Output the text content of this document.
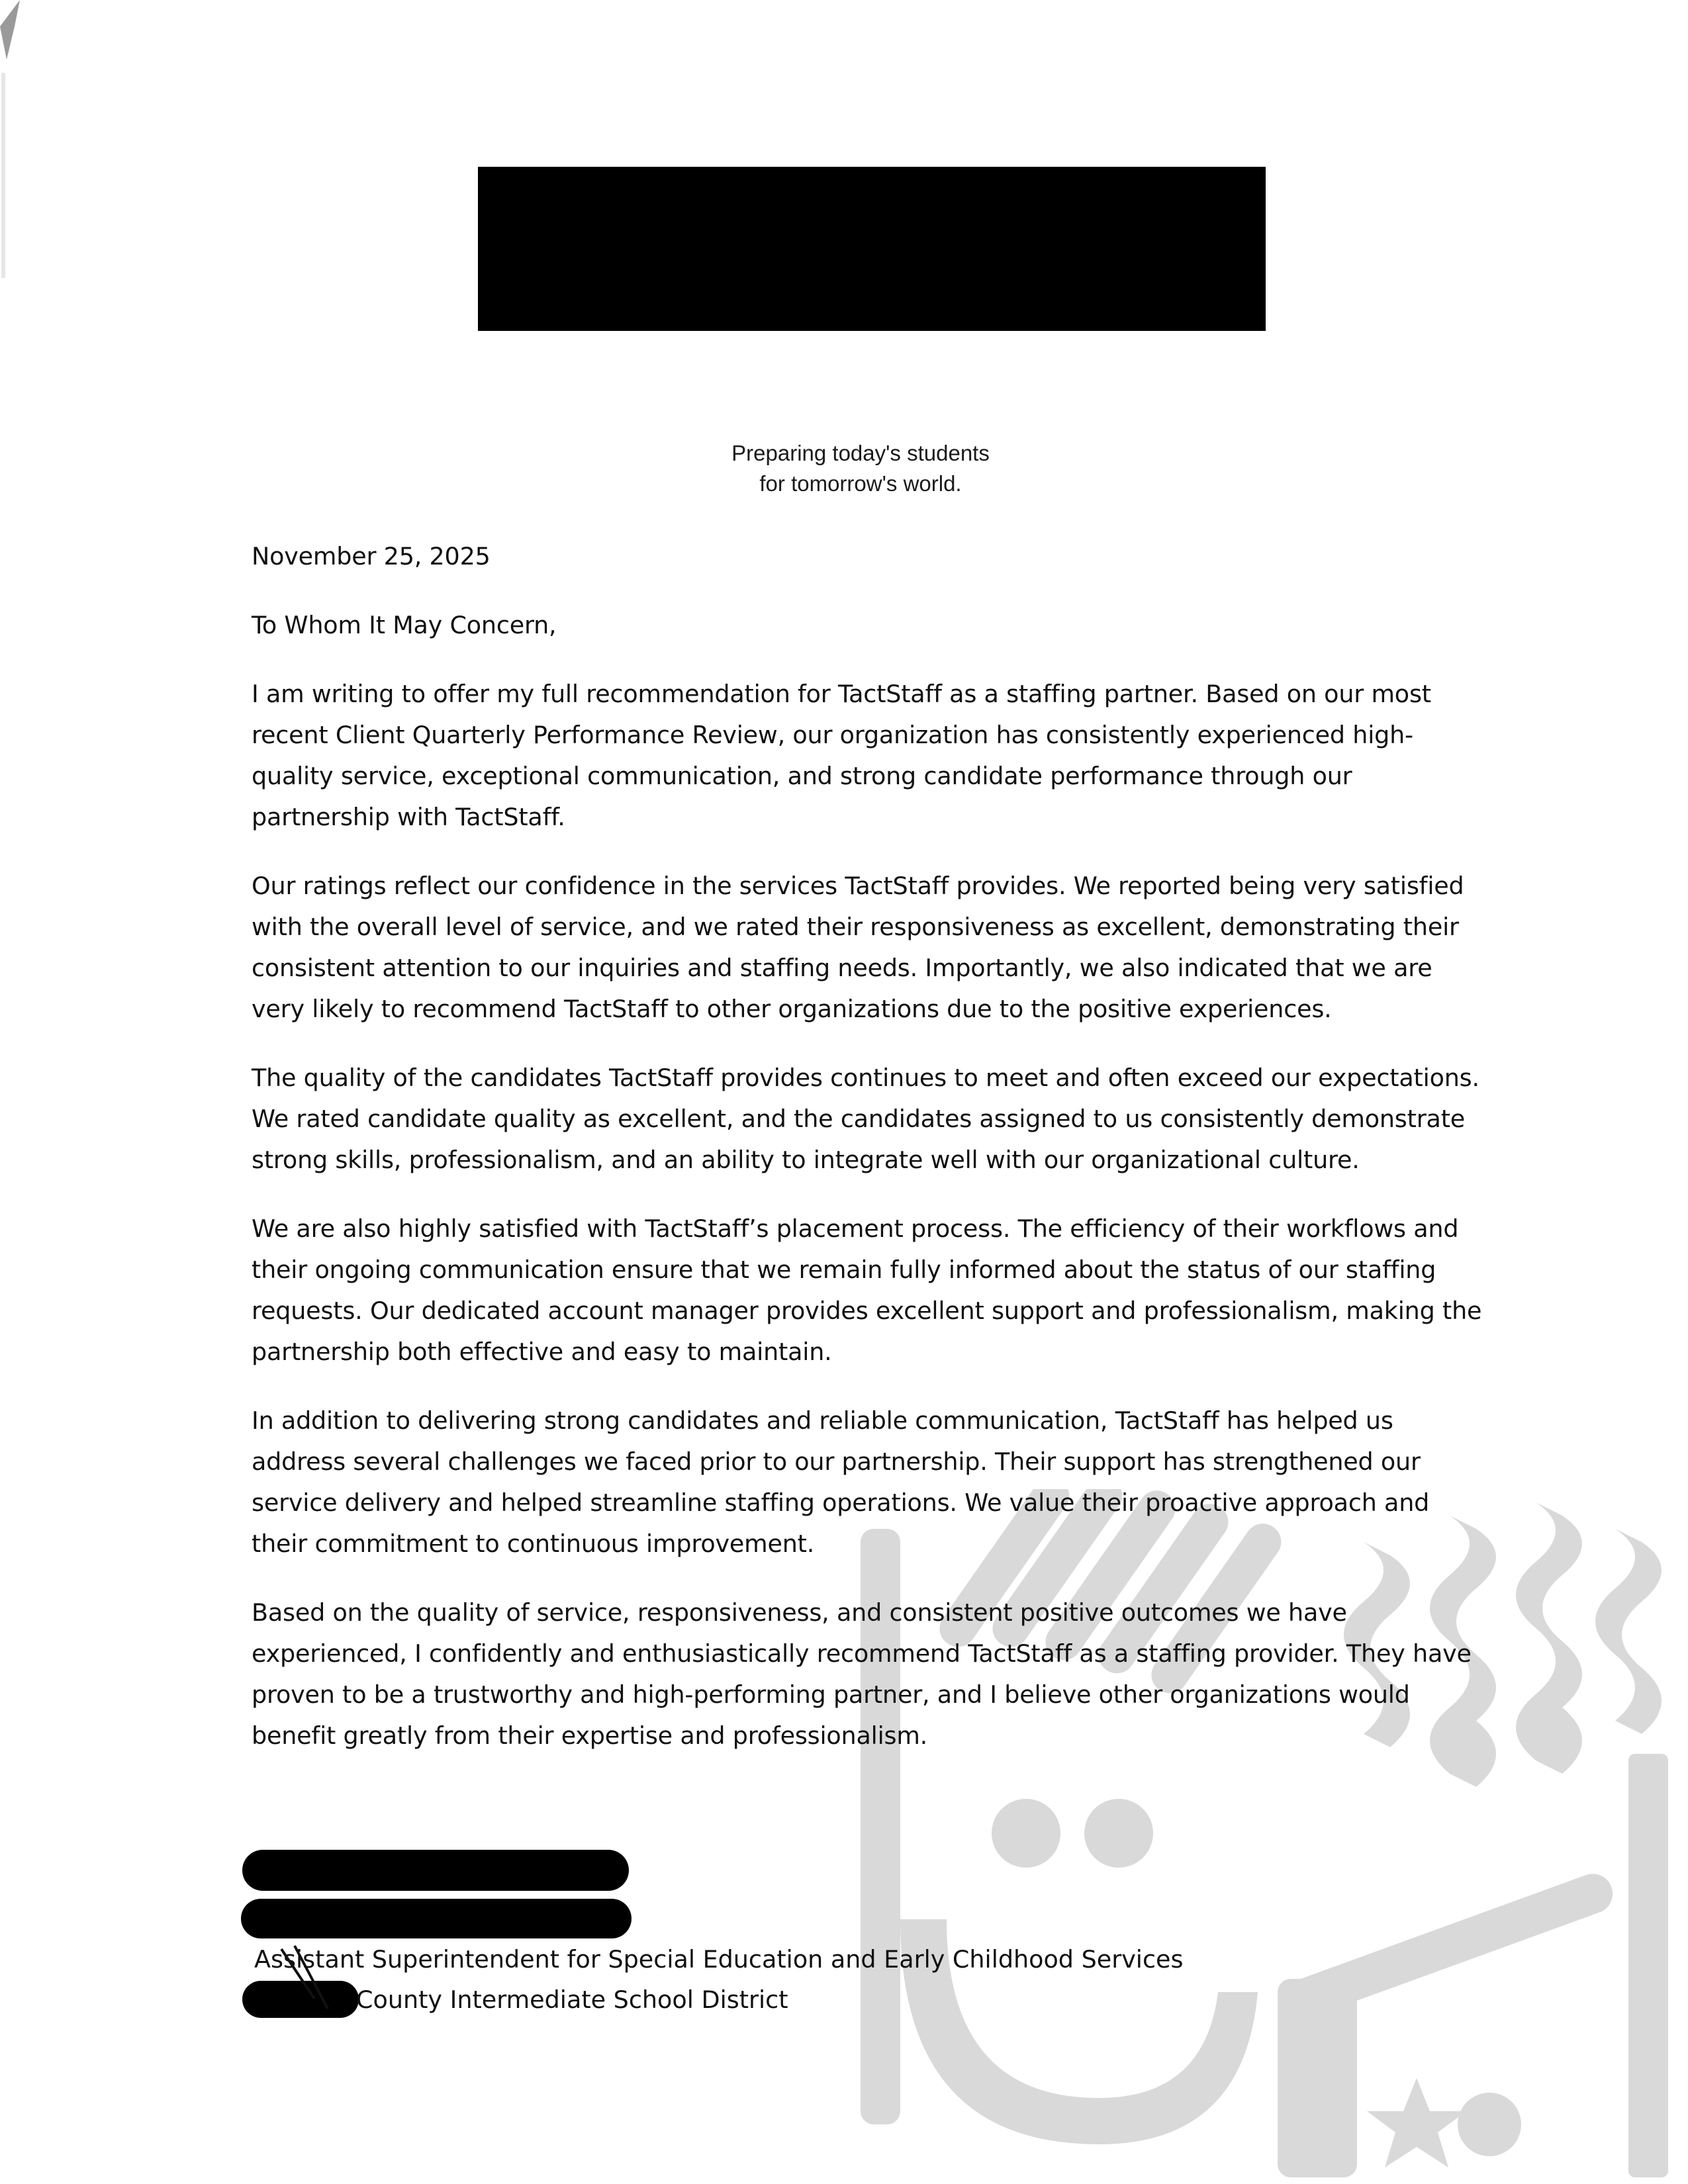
Preparing today's students
for tomorrow's world.

November 25, 2025

To Whom It May Concern,

I am writing to offer my full recommendation for TactStaff as a staffing partner. Based on our most recent Client Quarterly Performance Review, our organization has consistently experienced high-quality service, exceptional communication, and strong candidate performance through our partnership with TactStaff.

Our ratings reflect our confidence in the services TactStaff provides. We reported being very satisfied with the overall level of service, and we rated their responsiveness as excellent, demonstrating their consistent attention to our inquiries and staffing needs. Importantly, we also indicated that we are very likely to recommend TactStaff to other organizations due to the positive experiences.

The quality of the candidates TactStaff provides continues to meet and often exceed our expectations. We rated candidate quality as excellent, and the candidates assigned to us consistently demonstrate strong skills, professionalism, and an ability to integrate well with our organizational culture.

We are also highly satisfied with TactStaff’s placement process. The efficiency of their workflows and their ongoing communication ensure that we remain fully informed about the status of our staffing requests. Our dedicated account manager provides excellent support and professionalism, making the partnership both effective and easy to maintain.

In addition to delivering strong candidates and reliable communication, TactStaff has helped us address several challenges we faced prior to our partnership. Their support has strengthened our service delivery and helped streamline staffing operations. We value their proactive approach and their commitment to continuous improvement.

Based on the quality of service, responsiveness, and consistent positive outcomes we have experienced, I confidently and enthusiastically recommend TactStaff as a staffing provider. They have proven to be a trustworthy and high-performing partner, and I believe other organizations would benefit greatly from their expertise and professionalism.

Assistant Superintendent for Special Education and Early Childhood Services
County Intermediate School District
